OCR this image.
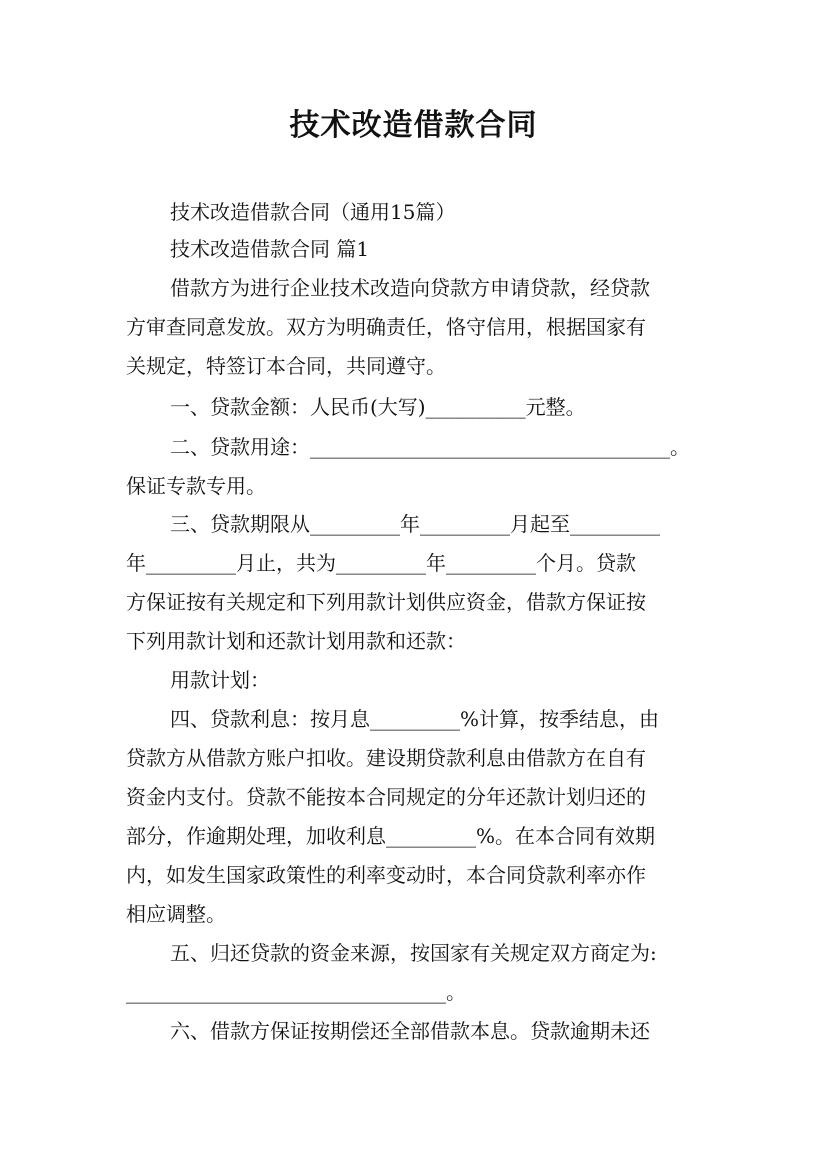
技术改造借款合同
技术改造借款合同（通用15篇）
技术改造借款合同 篇1
借款方为进行企业技术改造向贷款方申请贷款，经贷款
方审查同意发放。双方为明确责任，恪守信用，根据国家有
关规定，特签订本合同，共同遵守。
一、贷款金额：人民币(大写)__________元整。
二、贷款用途：____________________________________。
保证专款专用。
三、贷款期限从_________年_________月起至_________
年_________月止，共为_________年_________个月。贷款
方保证按有关规定和下列用款计划供应资金，借款方保证按
下列用款计划和还款计划用款和还款：
用款计划：
四、贷款利息：按月息_________%计算，按季结息，由
贷款方从借款方账户扣收。建设期贷款利息由借款方在自有
资金内支付。贷款不能按本合同规定的分年还款计划归还的
部分，作逾期处理，加收利息_________%。在本合同有效期
内，如发生国家政策性的利率变动时，本合同贷款利率亦作
相应调整。
五、归还贷款的资金来源，按国家有关规定双方商定为:
________________________________。
六、借款方保证按期偿还全部借款本息。贷款逾期未还
